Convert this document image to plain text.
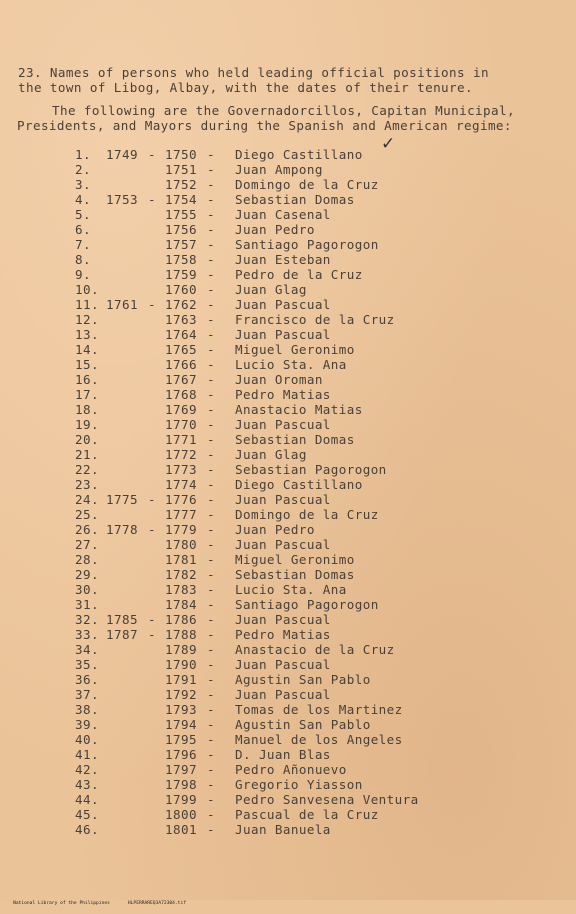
23. Names of persons who held leading official positions in
the town of Libog, Albay, with the dates of their tenure.
The following are the Governadorcillos, Capitan Municipal,
Presidents, and Mayors during the Spanish and American regime:
✓
1. 1749 - 1750 - Diego Castillano
2.	1751 - Juan Ampong
3.	1752 - Domingo de la Cruz
4. 1753 - 1754 - Sebastian Domas
5.	1755 - Juan Casenal
6.	1756 - Juan Pedro
7.	1757 - Santiago Pagorogon
8.	1758 - Juan Esteban
9.	1759 - Pedro de la Cruz
10.	1760 - Juan Glag
11. 1761 - 1762 - Juan Pascual
12.	1763 - Francisco de la Cruz
13.	1764 - Juan Pascual
14.	1765 - Miguel Geronimo
15.	1766 - Lucio Sta. Ana
16.	1767 - Juan Oroman
17.	1768 - Pedro Matias
18.	1769 - Anastacio Matias
19.	1770 - Juan Pascual
20.	1771 - Sebastian Domas
21.	1772 - Juan Glag
22.	1773 - Sebastian Pagorogon
23.	1774 - Diego Castillano
24. 1775 - 1776 - Juan Pascual
25.	1777 - Domingo de la Cruz
26. 1778 - 1779 - Juan Pedro
27.	1780 - Juan Pascual
28.	1781 - Miguel Geronimo
29.	1782 - Sebastian Domas
30.	1783 - Lucio Sta. Ana
31.	1784 - Santiago Pagorogon
32. 1785 - 1786 - Juan Pascual
33. 1787 - 1788 - Pedro Matias
34.	1789 - Anastacio de la Cruz
35.	1790 - Juan Pascual
36.	1791 - Agustin San Pablo
37.	1792 - Juan Pascual
38.	1793 - Tomas de los Martinez
39.	1794 - Agustin San Pablo
40.	1795 - Manuel de los Angeles
41.	1796 - D. Juan Blas
42.	1797 - Pedro Añonuevo
43.	1798 - Gregorio Yiasson
44.	1799 - Pedro Sanvesena Ventura
45.	1800 - Pascual de la Cruz
46.	1801 - Juan Banuela

National Library of the Philippines	HLPERRAREQ3A72304.tif
